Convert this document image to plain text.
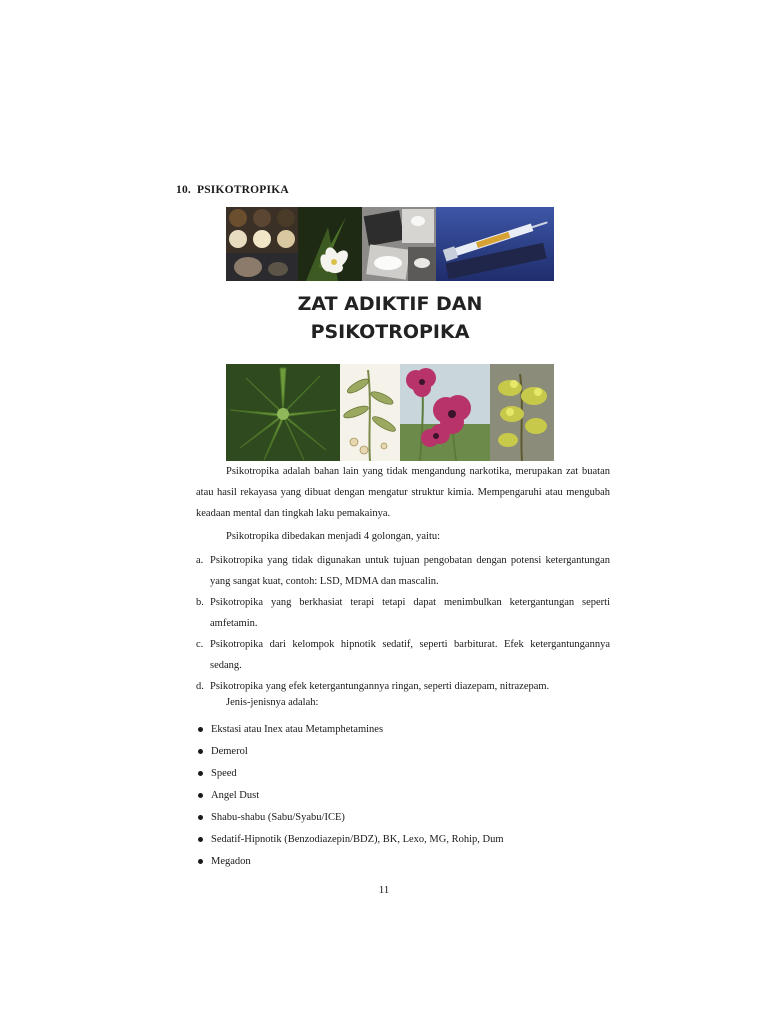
10. PSIKOTROPIKA
ZAT ADIKTIF DAN
PSIKOTROPIKA
Psikotropika adalah bahan lain yang tidak mengandung narkotika, merupakan zat buatan atau hasil rekayasa yang dibuat dengan mengatur struktur kimia. Mempengaruhi atau mengubah keadaan mental dan tingkah laku pemakainya.
Psikotropika dibedakan menjadi 4 golongan, yaitu:
a. Psikotropika yang tidak digunakan untuk tujuan pengobatan dengan potensi ketergantungan yang sangat kuat, contoh: LSD, MDMA dan mascalin.
b. Psikotropika yang berkhasiat terapi tetapi dapat menimbulkan ketergantungan seperti amfetamin.
c. Psikotropika dari kelompok hipnotik sedatif, seperti barbiturat. Efek ketergantungannya sedang.
d. Psikotropika yang efek ketergantungannya ringan, seperti diazepam, nitrazepam.
Jenis-jenisnya adalah:
Ekstasi atau Inex atau Metamphetamines
Demerol
Speed
Angel Dust
Shabu-shabu (Sabu/Syabu/ICE)
Sedatif-Hipnotik (Benzodiazepin/BDZ), BK, Lexo, MG, Rohip, Dum
Megadon
11
